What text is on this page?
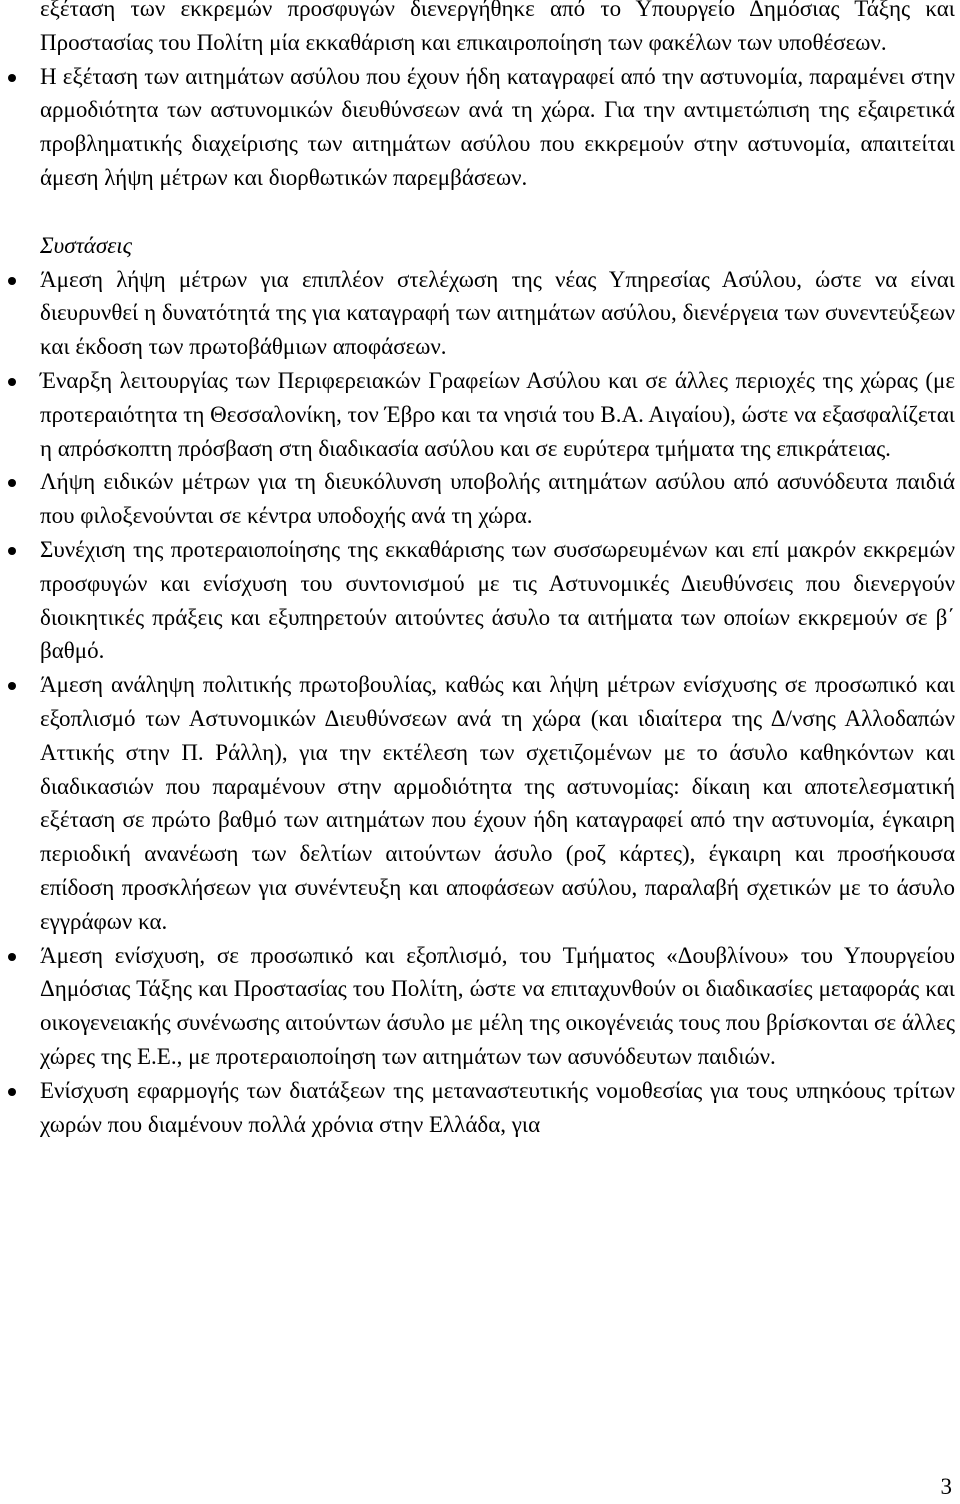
εξέταση των εκκρεμών προσφυγών διενεργήθηκε από το Υπουργείο Δημόσιας Τάξης και Προστασίας του Πολίτη μία εκκαθάριση και επικαιροποίηση των φακέλων των υποθέσεων.

Η εξέταση των αιτημάτων ασύλου που έχουν ήδη καταγραφεί από την αστυνομία, παραμένει στην αρμοδιότητα των αστυνομικών διευθύνσεων ανά τη χώρα. Για την αντιμετώπιση της εξαιρετικά προβληματικής διαχείρισης των αιτημάτων ασύλου που εκκρεμούν στην αστυνομία, απαιτείται άμεση λήψη μέτρων και διορθωτικών παρεμβάσεων.

Συστάσεις

Άμεση λήψη μέτρων για επιπλέον στελέχωση της νέας Υπηρεσίας Ασύλου, ώστε να είναι διευρυνθεί η δυνατότητά της για καταγραφή των αιτημάτων ασύλου, διενέργεια των συνεντεύξεων και έκδοση των πρωτοβάθμιων αποφάσεων.
Έναρξη λειτουργίας των Περιφερειακών Γραφείων Ασύλου και σε άλλες περιοχές της χώρας (με προτεραιότητα τη Θεσσαλονίκη, τον Έβρο και τα νησιά του Β.Α. Αιγαίου), ώστε να εξασφαλίζεται η απρόσκοπτη πρόσβαση στη διαδικασία ασύλου και σε ευρύτερα τμήματα της επικράτειας.
Λήψη ειδικών μέτρων για τη διευκόλυνση υποβολής αιτημάτων ασύλου από ασυνόδευτα παιδιά που φιλοξενούνται σε κέντρα υποδοχής ανά τη χώρα.
Συνέχιση της προτεραιοποίησης της εκκαθάρισης των συσσωρευμένων και επί μακρόν εκκρεμών προσφυγών και ενίσχυση του συντονισμού με τις Αστυνομικές Διευθύνσεις που διενεργούν διοικητικές πράξεις και εξυπηρετούν αιτούντες άσυλο τα αιτήματα των οποίων εκκρεμούν σε β΄ βαθμό.
Άμεση ανάληψη πολιτικής πρωτοβουλίας, καθώς και λήψη μέτρων ενίσχυσης σε προσωπικό και εξοπλισμό των Αστυνομικών Διευθύνσεων ανά τη χώρα (και ιδιαίτερα της Δ/νσης Αλλοδαπών Αττικής στην Π. Ράλλη), για την εκτέλεση των σχετιζομένων με το άσυλο καθηκόντων και διαδικασιών που παραμένουν στην αρμοδιότητα της αστυνομίας: δίκαιη και αποτελεσματική εξέταση σε πρώτο βαθμό των αιτημάτων που έχουν ήδη καταγραφεί από την αστυνομία, έγκαιρη περιοδική ανανέωση των δελτίων αιτούντων άσυλο (ροζ κάρτες), έγκαιρη και προσήκουσα επίδοση προσκλήσεων για συνέντευξη και αποφάσεων ασύλου, παραλαβή σχετικών με το άσυλο εγγράφων κα.
Άμεση ενίσχυση, σε προσωπικό και εξοπλισμό, του Τμήματος «Δουβλίνου» του Υπουργείου Δημόσιας Τάξης και Προστασίας του Πολίτη, ώστε να επιταχυνθούν οι διαδικασίες μεταφοράς και οικογενειακής συνένωσης αιτούντων άσυλο με μέλη της οικογένειάς τους που βρίσκονται σε άλλες χώρες της Ε.Ε., με προτεραιοποίηση των αιτημάτων των ασυνόδευτων παιδιών.
Ενίσχυση εφαρμογής των διατάξεων της μεταναστευτικής νομοθεσίας για τους υπηκόους τρίτων χωρών που διαμένουν πολλά χρόνια στην Ελλάδα, για
3
